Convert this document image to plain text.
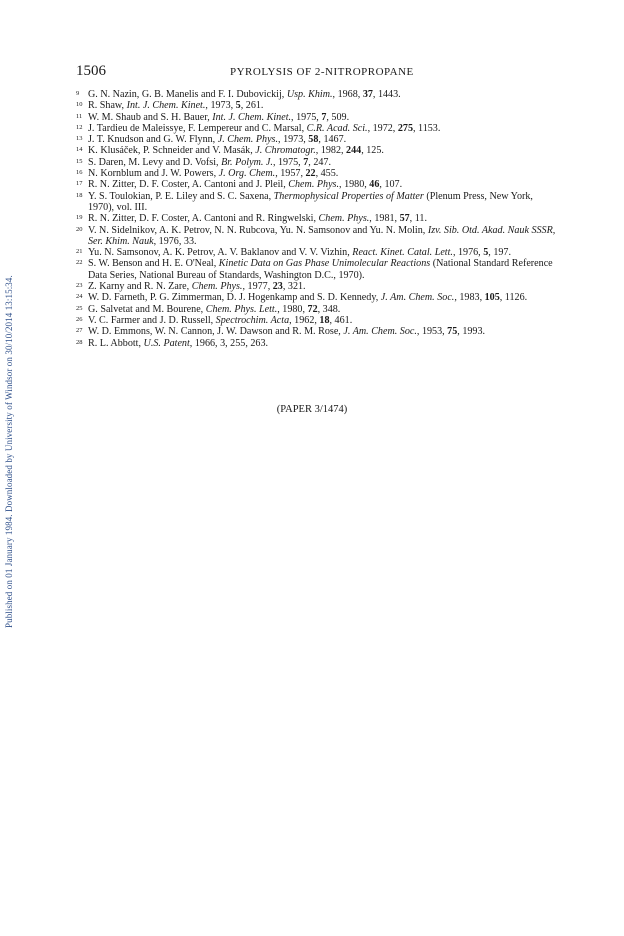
Published on 01 January 1984. Downloaded by University of Windsor on 30/10/2014 13:15:34.
1506	PYROLYSIS OF 2-NITROPROPANE
9 G. N. Nazin, G. B. Manelis and F. I. Dubovickij, Usp. Khim., 1968, 37, 1443.
10 R. Shaw, Int. J. Chem. Kinet., 1973, 5, 261.
11 W. M. Shaub and S. H. Bauer, Int. J. Chem. Kinet., 1975, 7, 509.
12 J. Tardieu de Maleissye, F. Lempereur and C. Marsal, C.R. Acad. Sci., 1972, 275, 1153.
13 J. T. Knudson and G. W. Flynn, J. Chem. Phys., 1973, 58, 1467.
14 K. Klusáček, P. Schneider and V. Masák, J. Chromatogr., 1982, 244, 125.
15 S. Daren, M. Levy and D. Vofsi, Br. Polym. J., 1975, 7, 247.
16 N. Kornblum and J. W. Powers, J. Org. Chem., 1957, 22, 455.
17 R. N. Zitter, D. F. Coster, A. Cantoni and J. Pleil, Chem. Phys., 1980, 46, 107.
18 Y. S. Toulokian, P. E. Liley and S. C. Saxena, Thermophysical Properties of Matter (Plenum Press, New York, 1970), vol. III.
19 R. N. Zitter, D. F. Coster, A. Cantoni and R. Ringwelski, Chem. Phys., 1981, 57, 11.
20 V. N. Sidelnikov, A. K. Petrov, N. N. Rubcova, Yu. N. Samsonov and Yu. N. Molin, Izv. Sib. Otd. Akad. Nauk SSSR, Ser. Khim. Nauk, 1976, 33.
21 Yu. N. Samsonov, A. K. Petrov, A. V. Baklanov and V. V. Vizhin, React. Kinet. Catal. Lett., 1976, 5, 197.
22 S. W. Benson and H. E. O'Neal, Kinetic Data on Gas Phase Unimolecular Reactions (National Standard Reference Data Series, National Bureau of Standards, Washington D.C., 1970).
23 Z. Karny and R. N. Zare, Chem. Phys., 1977, 23, 321.
24 W. D. Farneth, P. G. Zimmerman, D. J. Hogenkamp and S. D. Kennedy, J. Am. Chem. Soc., 1983, 105, 1126.
25 G. Salvetat and M. Bourene, Chem. Phys. Lett., 1980, 72, 348.
26 V. C. Farmer and J. D. Russell, Spectrochim. Acta, 1962, 18, 461.
27 W. D. Emmons, W. N. Cannon, J. W. Dawson and R. M. Rose, J. Am. Chem. Soc., 1953, 75, 1993.
28 R. L. Abbott, U.S. Patent, 1966, 3, 255, 263.
(PAPER 3/1474)
